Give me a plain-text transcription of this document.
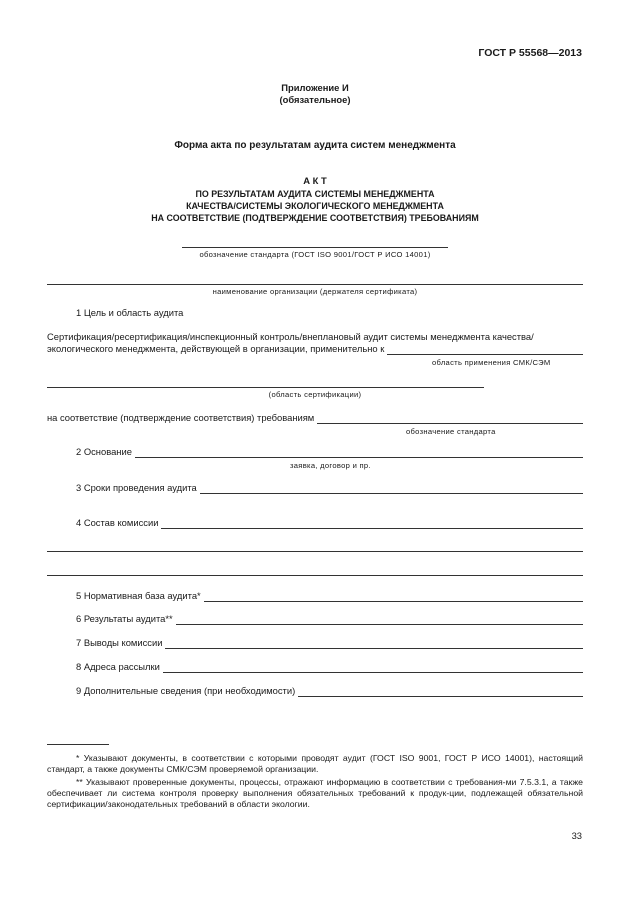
ГОСТ Р 55568—2013
Приложение И
(обязательное)
Форма акта по результатам аудита систем менеджмента
А К Т
ПО РЕЗУЛЬТАТАМ АУДИТА СИСТЕМЫ МЕНЕДЖМЕНТА
КАЧЕСТВА/СИСТЕМЫ ЭКОЛОГИЧЕСКОГО МЕНЕДЖМЕНТА
НА СООТВЕТСТВИЕ (ПОДТВЕРЖДЕНИЕ СООТВЕТСТВИЯ) ТРЕБОВАНИЯМ
обозначение стандарта (ГОСТ ISO 9001/ГОСТ Р ИСО 14001)
наименование организации (держателя сертификата)
1 Цель и область аудита
Сертификация/ресертификация/инспекционный контроль/внеплановый аудит системы менеджмента качества/
экологического менеджмента, действующей в организации, применительно к
область применения СМК/СЭМ
(область сертификации)
на соответствие (подтверждение соответствия) требованиям
обозначение стандарта
2 Основание
заявка, договор и пр.
3 Сроки проведения аудита
4 Состав комиссии
5 Нормативная база аудита*
6 Результаты аудита**
7 Выводы комиссии
8 Адреса рассылки
9 Дополнительные сведения (при необходимости)
* Указывают документы, в соответствии с которыми проводят аудит (ГОСТ ISO 9001, ГОСТ Р ИСО 14001), настоящий стандарт, а также документы СМК/СЭМ проверяемой организации.
** Указывают проверенные документы, процессы, отражают информацию в соответствии с требования-ми 7.5.3.1, а также обеспечивает ли система контроля проверку выполнения обязательных требований к продук-ции, подлежащей обязательной сертификации/законодательных требований в области экологии.
33
